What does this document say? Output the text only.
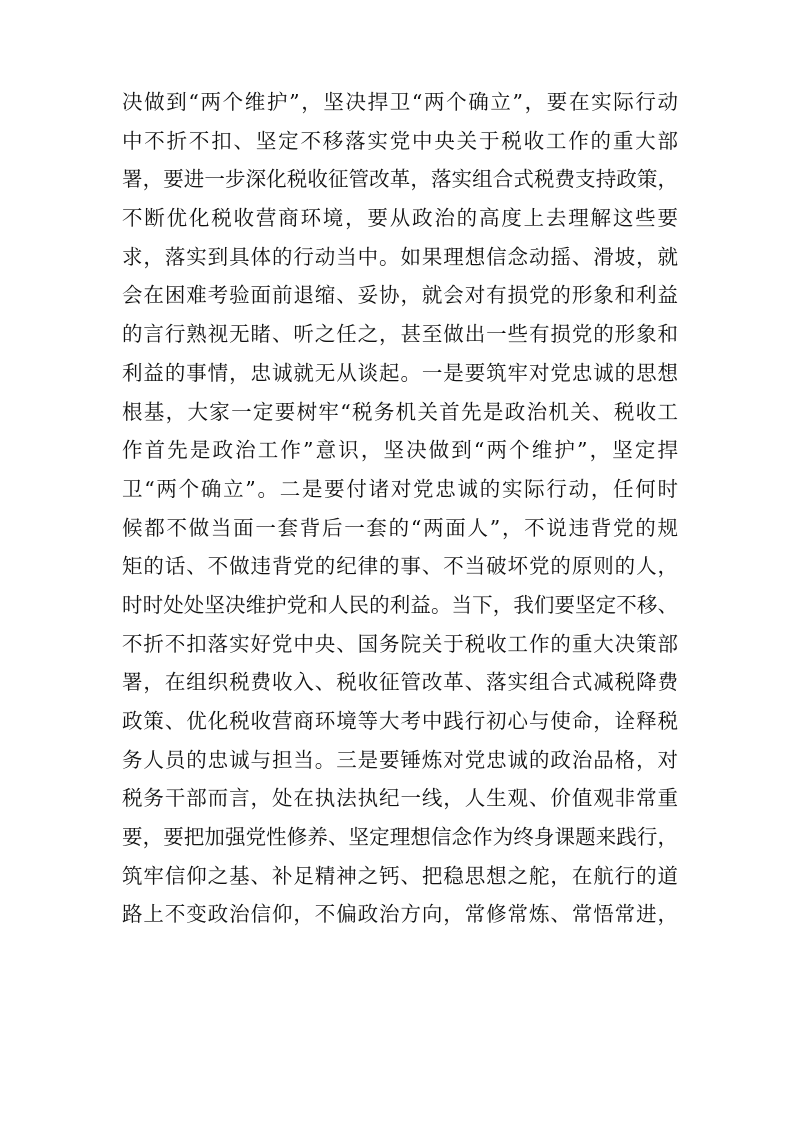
决做到“两个维护”，坚决捍卫“两个确立”，要在实际行动
中不折不扣、坚定不移落实党中央关于税收工作的重大部
署，要进一步深化税收征管改革，落实组合式税费支持政策，
不断优化税收营商环境，要从政治的高度上去理解这些要
求，落实到具体的行动当中。如果理想信念动摇、滑坡，就
会在困难考验面前退缩、妥协，就会对有损党的形象和利益
的言行熟视无睹、听之任之，甚至做出一些有损党的形象和
利益的事情，忠诚就无从谈起。一是要筑牢对党忠诚的思想
根基，大家一定要树牢“税务机关首先是政治机关、税收工
作首先是政治工作”意识，坚决做到“两个维护”，坚定捍
卫“两个确立”。二是要付诸对党忠诚的实际行动，任何时
候都不做当面一套背后一套的“两面人”，不说违背党的规
矩的话、不做违背党的纪律的事、不当破坏党的原则的人，
时时处处坚决维护党和人民的利益。当下，我们要坚定不移、
不折不扣落实好党中央、国务院关于税收工作的重大决策部
署，在组织税费收入、税收征管改革、落实组合式减税降费
政策、优化税收营商环境等大考中践行初心与使命，诠释税
务人员的忠诚与担当。三是要锤炼对党忠诚的政治品格，对
税务干部而言，处在执法执纪一线，人生观、价值观非常重
要，要把加强党性修养、坚定理想信念作为终身课题来践行，
筑牢信仰之基、补足精神之钙、把稳思想之舵，在航行的道
路上不变政治信仰，不偏政治方向，常修常炼、常悟常进，
